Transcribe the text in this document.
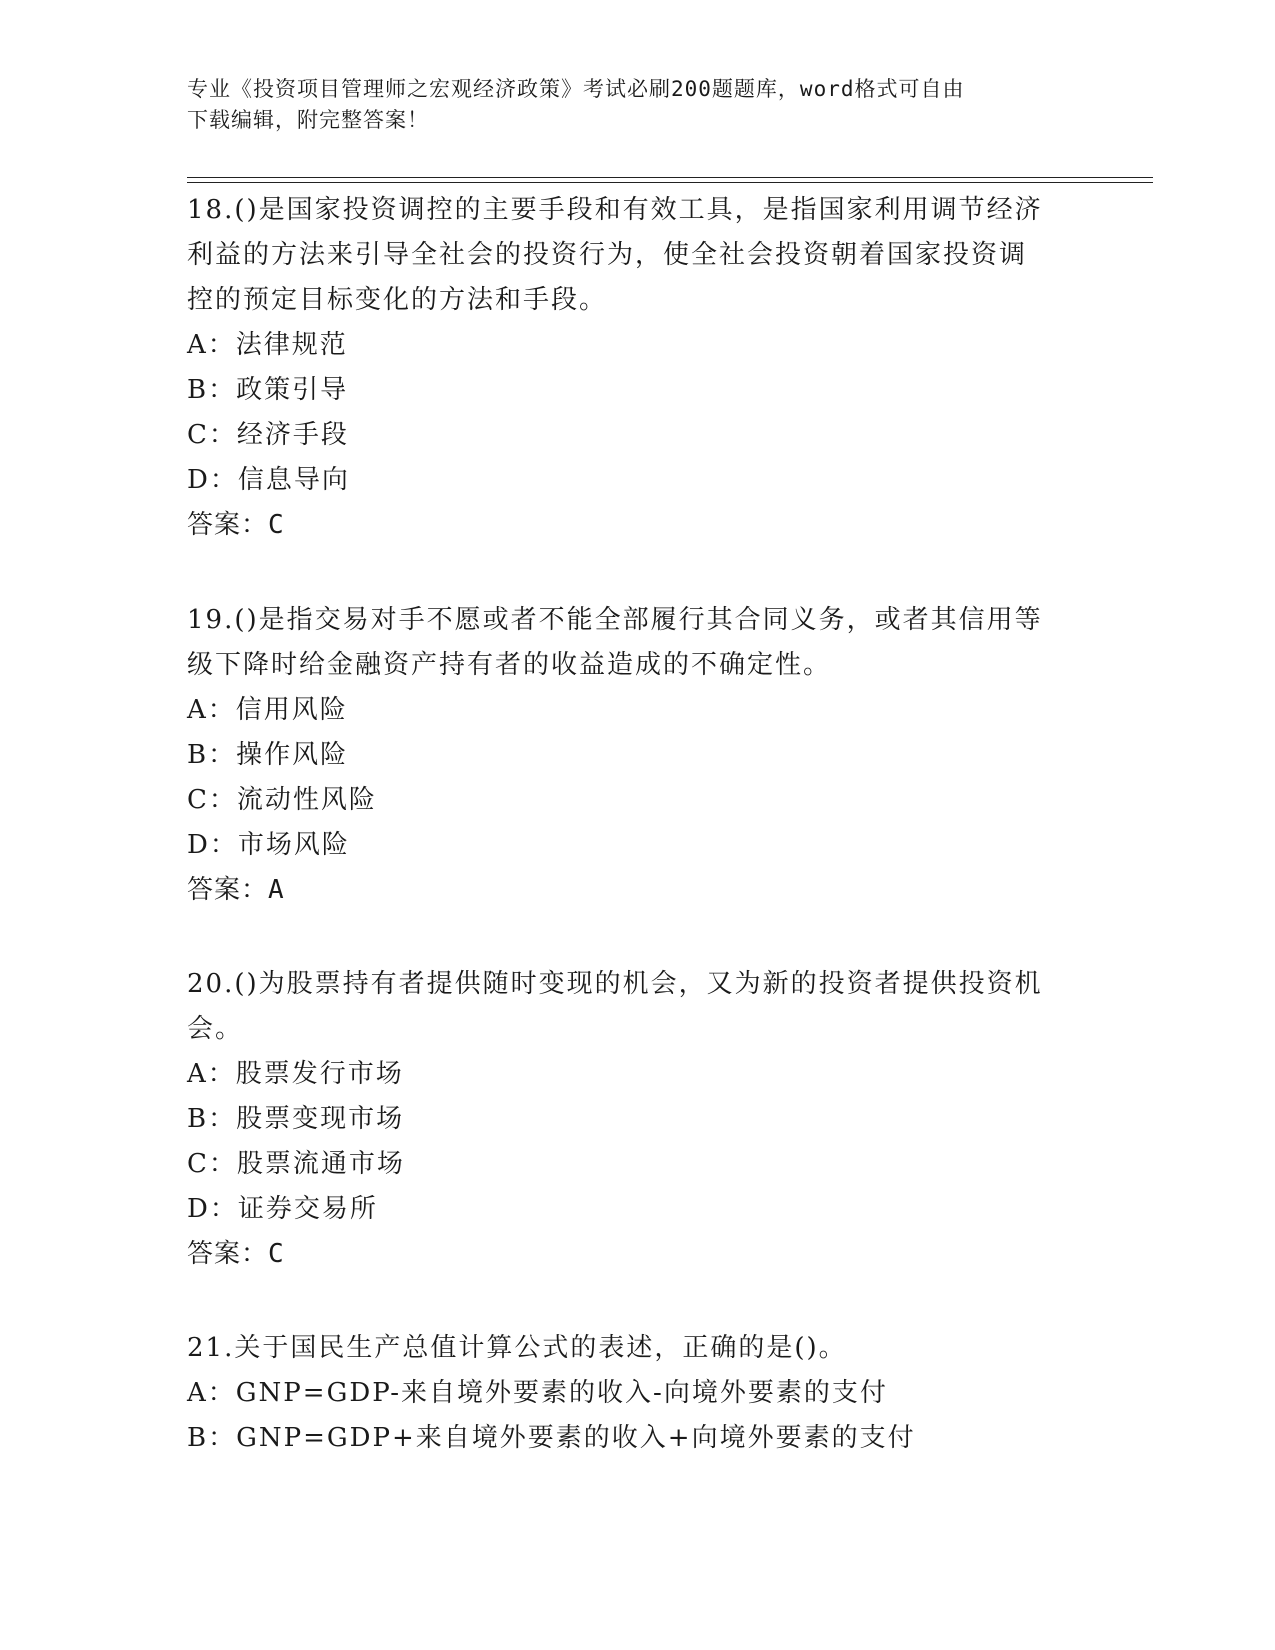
专业《投资项目管理师之宏观经济政策》考试必刷200题题库，word格式可自由
下载编辑，附完整答案！

18.()是国家投资调控的主要手段和有效工具，是指国家利用调节经济

利益的方法来引导全社会的投资行为，使全社会投资朝着国家投资调

控的预定目标变化的方法和手段。

A：法律规范

B：政策引导

C：经济手段

D：信息导向

答案：C

19.()是指交易对手不愿或者不能全部履行其合同义务，或者其信用等

级下降时给金融资产持有者的收益造成的不确定性。

A：信用风险

B：操作风险

C：流动性风险

D：市场风险

答案：A

20.()为股票持有者提供随时变现的机会，又为新的投资者提供投资机

会。

A：股票发行市场

B：股票变现市场

C：股票流通市场

D：证券交易所

答案：C

21.关于国民生产总值计算公式的表述，正确的是()。

A：GNP=GDP-来自境外要素的收入-向境外要素的支付

B：GNP=GDP+来自境外要素的收入+向境外要素的支付
